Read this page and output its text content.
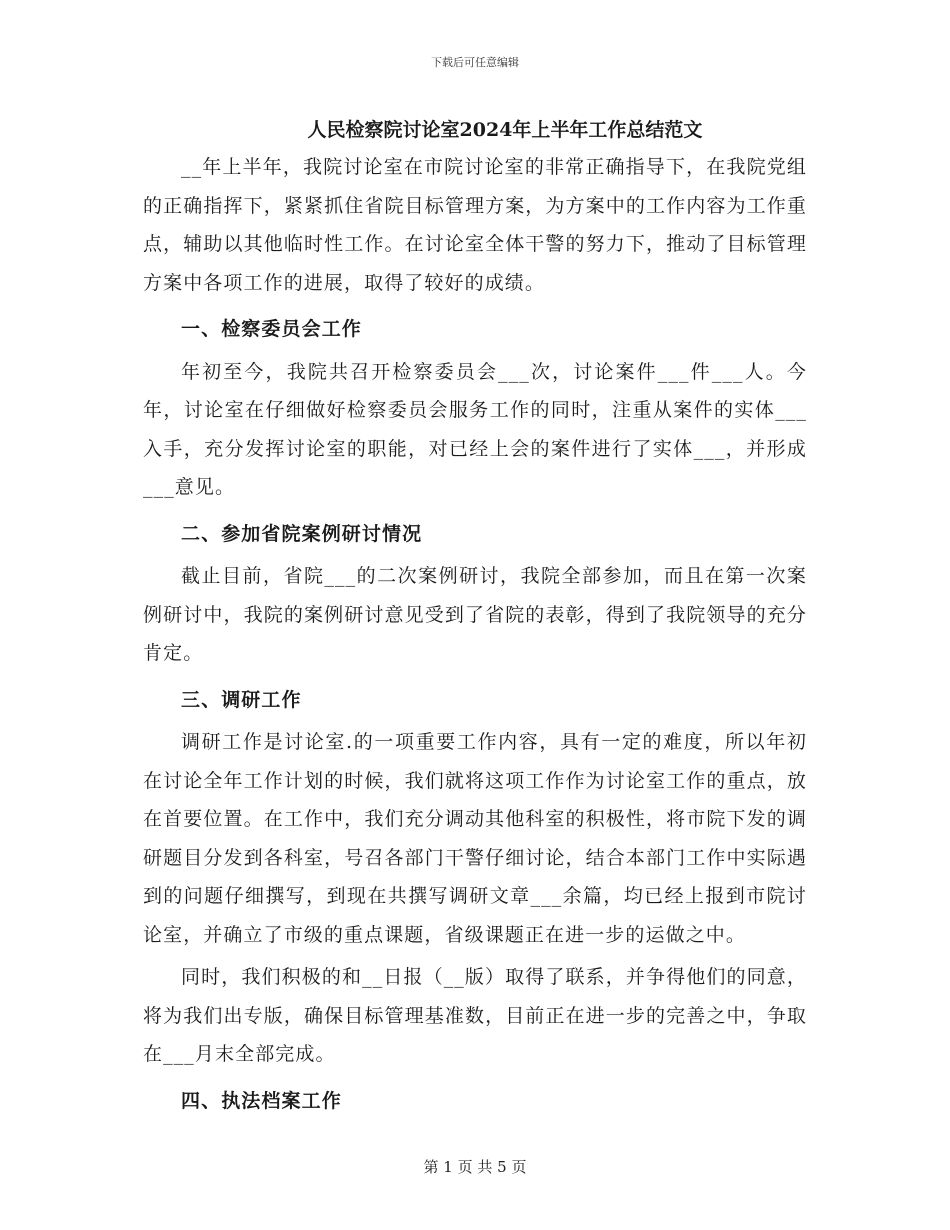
下载后可任意编辑

人民检察院讨论室2024年上半年工作总结范文

__年上半年，我院讨论室在市院讨论室的非常正确指导下，在我院党组的正确指挥下，紧紧抓住省院目标管理方案，为方案中的工作内容为工作重点，辅助以其他临时性工作。在讨论室全体干警的努力下，推动了目标管理方案中各项工作的进展，取得了较好的成绩。

一、检察委员会工作

年初至今，我院共召开检察委员会___次，讨论案件___件___人。今年，讨论室在仔细做好检察委员会服务工作的同时，注重从案件的实体___入手，充分发挥讨论室的职能，对已经上会的案件进行了实体___，并形成___意见。

二、参加省院案例研讨情况

截止目前，省院___的二次案例研讨，我院全部参加，而且在第一次案例研讨中，我院的案例研讨意见受到了省院的表彰，得到了我院领导的充分肯定。

三、调研工作

调研工作是讨论室.的一项重要工作内容，具有一定的难度，所以年初在讨论全年工作计划的时候，我们就将这项工作作为讨论室工作的重点，放在首要位置。在工作中，我们充分调动其他科室的积极性，将市院下发的调研题目分发到各科室，号召各部门干警仔细讨论，结合本部门工作中实际遇到的问题仔细撰写，到现在共撰写调研文章___余篇，均已经上报到市院讨论室，并确立了市级的重点课题，省级课题正在进一步的运做之中。

同时，我们积极的和__日报（__版）取得了联系，并争得他们的同意，将为我们出专版，确保目标管理基准数，目前正在进一步的完善之中，争取在___月末全部完成。

四、执法档案工作

第 1 页 共 5 页
